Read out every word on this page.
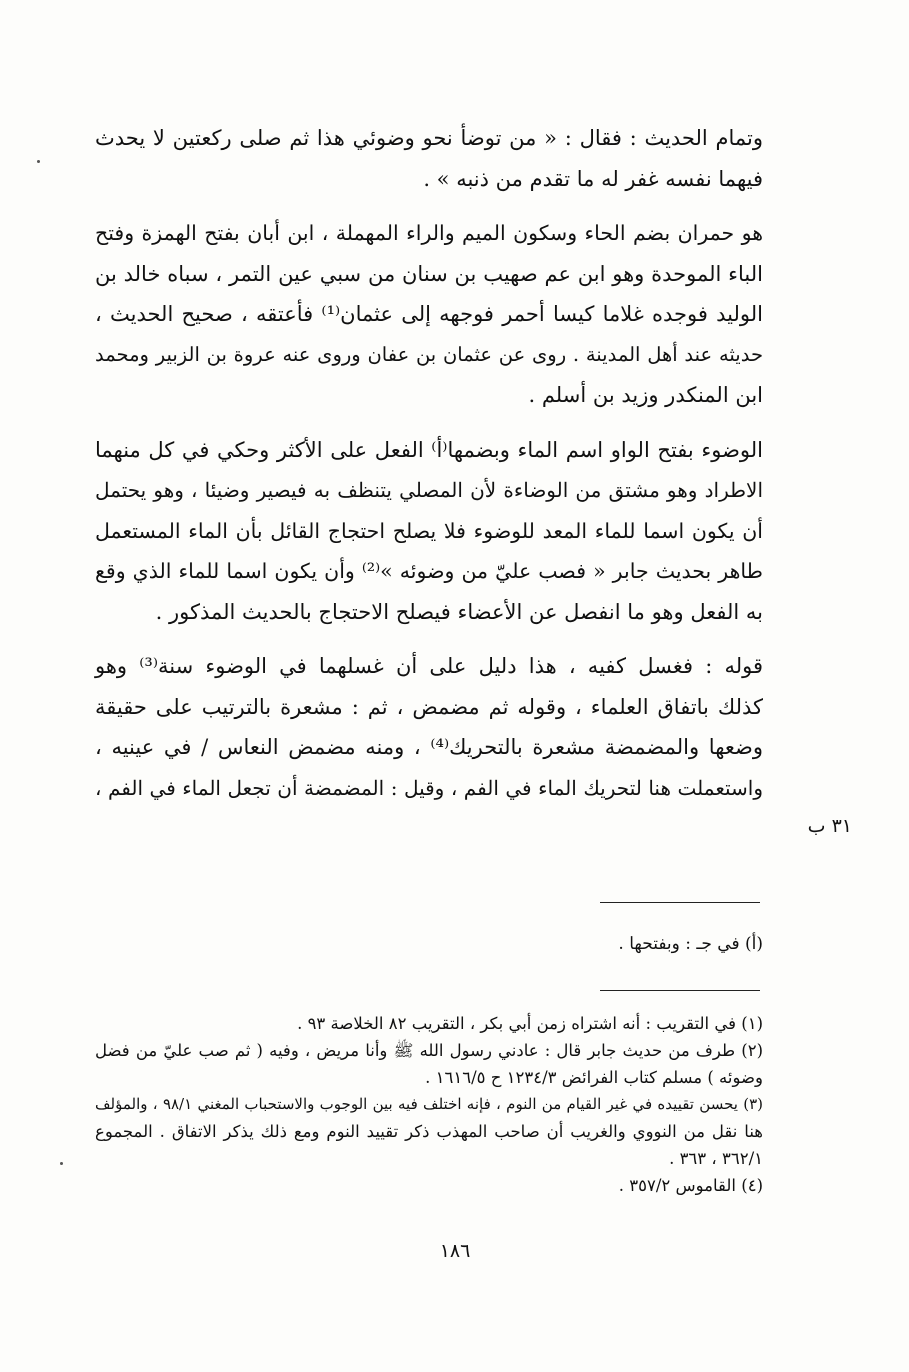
وتمام الحديث : فقال : « من توضأ نحو وضوئي هذا ثم صلى ركعتين لا يحدث
فيهما نفسه غفر له ما تقدم من ذنبه » .

هو حمران بضم الحاء وسكون الميم والراء المهملة ، ابن أبان بفتح الهمزة وفتح
الباء الموحدة وهو ابن عم صهيب بن سنان من سبي عين التمر ، سباه خالد بن
الوليد فوجده غلاما كيسا أحمر فوجهه إلى عثمان⁽¹⁾ فأعتقه ، صحيح الحديث ،
حديثه عند أهل المدينة . روى عن عثمان بن عفان وروى عنه عروة بن الزبير ومحمد
ابن المنكدر وزيد بن أسلم .

الوضوء بفتح الواو اسم الماء وبضمها⁽أ⁾ الفعل على الأكثر وحكي في كل منهما
الاطراد وهو مشتق من الوضاءة لأن المصلي يتنظف به فيصير وضيئا ، وهو يحتمل
أن يكون اسما للماء المعد للوضوء فلا يصلح احتجاج القائل بأن الماء المستعمل
طاهر بحديث جابر « فصب عليّ من وضوئه »⁽²⁾ وأن يكون اسما للماء الذي وقع
به الفعل وهو ما انفصل عن الأعضاء فيصلح الاحتجاج بالحديث المذكور .

قوله : فغسل كفيه ، هذا دليل على أن غسلهما في الوضوء سنة⁽³⁾ وهو
كذلك باتفاق العلماء ، وقوله ثم مضمض ، ثم : مشعرة بالترتيب على حقيقة
وضعها والمضمضة مشعرة بالتحريك⁽⁴⁾ ، ومنه مضمض النعاس / في عينيه ،
واستعملت هنا لتحريك الماء في الفم ، وقيل : المضمضة أن تجعل الماء في الفم ،

٣١ ب
(أ) في جـ : وبفتحها .

(١) في التقريب : أنه اشتراه زمن أبي بكر ، التقريب ٨٢ الخلاصة ٩٣ .

(٢) طرف من حديث جابر قال : عادني رسول الله ﷺ وأنا مريض ، وفيه ( ثم صب عليّ من فضل
وضوئه ) مسلم كتاب الفرائض ١٢٣٤/٣ ح ١٦١٦/٥ .

(٣) يحسن تقييده في غير القيام من النوم ، فإنه اختلف فيه بين الوجوب والاستحباب المغني ٩٨/١ ، والمؤلف
هنا نقل من النووي والغريب أن صاحب المهذب ذكر تقييد النوم ومع ذلك يذكر الاتفاق . المجموع
٣٦٢/١ ، ٣٦٣ .

(٤) القاموس ٣٥٧/٢ .

١٨٦
